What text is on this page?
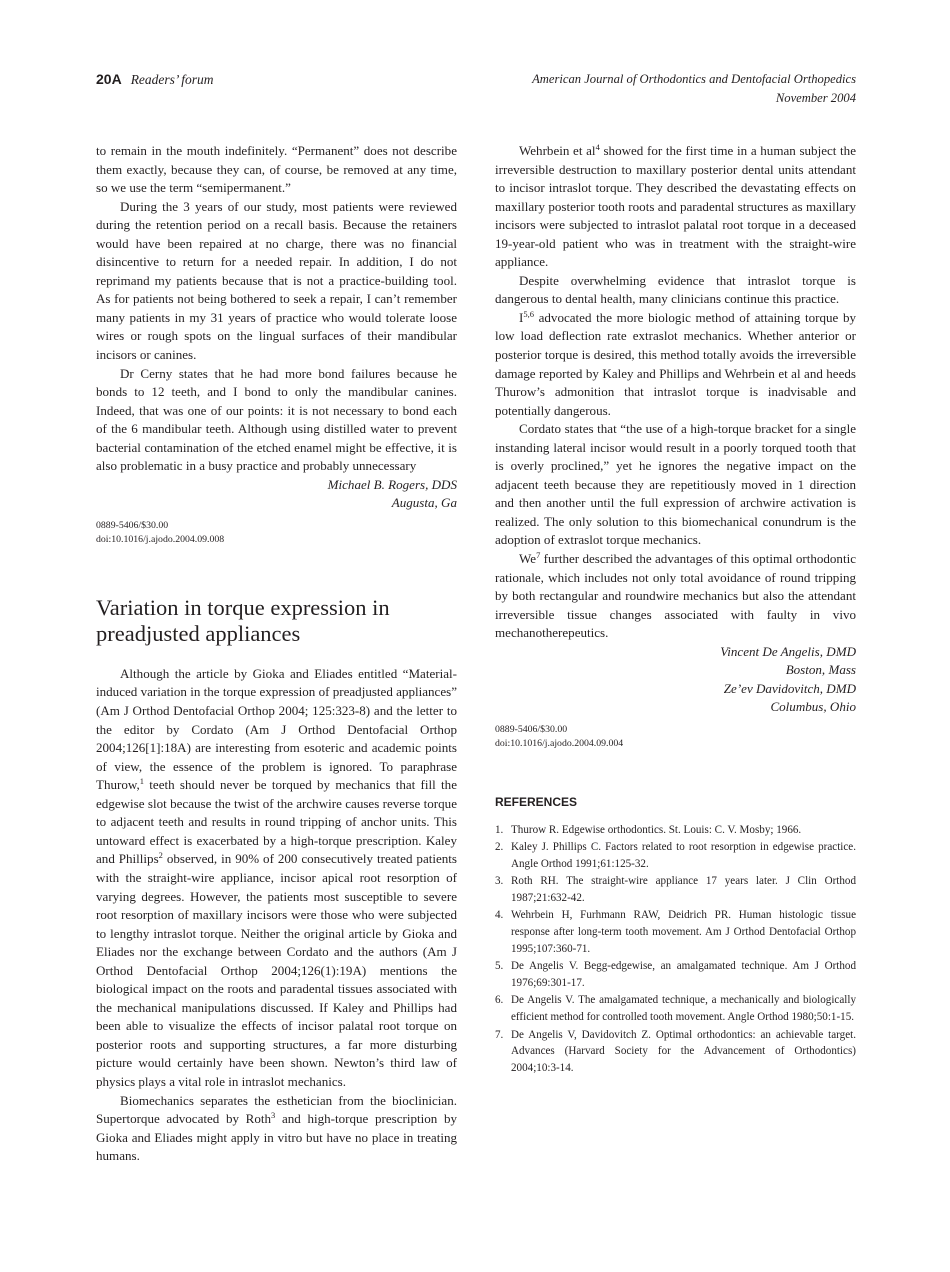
20A Readers’ forum	American Journal of Orthodontics and Dentofacial Orthopedics
November 2004

to remain in the mouth indefinitely. “Permanent” does not describe them exactly, because they can, of course, be removed at any time, so we use the term “semipermanent.”

During the 3 years of our study, most patients were reviewed during the retention period on a recall basis. Because the retainers would have been repaired at no charge, there was no financial disincentive to return for a needed repair. In addition, I do not reprimand my patients because that is not a practice-building tool. As for patients not being bothered to seek a repair, I can’t remember many patients in my 31 years of practice who would tolerate loose wires or rough spots on the lingual surfaces of their mandibular incisors or canines.

Dr Cerny states that he had more bond failures because he bonds to 12 teeth, and I bond to only the mandibular canines. Indeed, that was one of our points: it is not necessary to bond each of the 6 mandibular teeth. Although using distilled water to prevent bacterial contamination of the etched enamel might be effective, it is also problematic in a busy practice and probably unnecessary

Michael B. Rogers, DDS
Augusta, Ga
0889-5406/$30.00
doi:10.1016/j.ajodo.2004.09.008
Variation in torque expression in
preadjusted appliances

Although the article by Gioka and Eliades entitled “Material-induced variation in the torque expression of preadjusted appliances” (Am J Orthod Dentofacial Orthop 2004; 125:323-8) and the letter to the editor by Cordato (Am J Orthod Dentofacial Orthop 2004;126[1]:18A) are interesting from esoteric and academic points of view, the essence of the problem is ignored. To paraphrase Thurow,$^1$ teeth should never be torqued by mechanics that fill the edgewise slot because the twist of the archwire causes reverse torque to adjacent teeth and results in round tripping of anchor units. This untoward effect is exacerbated by a high-torque prescription. Kaley and Phillips$^2$ observed, in 90% of 200 consecutively treated patients with the straight-wire appliance, incisor apical root resorption of varying degrees. However, the patients most susceptible to severe root resorption of maxillary incisors were those who were subjected to lengthy intraslot torque. Neither the original article by Gioka and Eliades nor the exchange between Cordato and the authors (Am J Orthod Dentofacial Orthop 2004;126(1):19A) mentions the biological impact on the roots and paradental tissues associated with the mechanical manipulations discussed. If Kaley and Phillips had been able to visualize the effects of incisor palatal root torque on posterior roots and supporting structures, a far more disturbing picture would certainly have been shown. Newton’s third law of physics plays a vital role in intraslot mechanics.

Biomechanics separates the esthetician from the bioclinician. Supertorque advocated by Roth$^3$ and high-torque prescription by Gioka and Eliades might apply in vitro but have no place in treating humans.

Wehrbein et $al^4$ showed for the first time in a human subject the irreversible destruction to maxillary posterior dental units attendant to incisor intraslot torque. They described the devastating effects on maxillary posterior tooth roots and paradental structures as maxillary incisors were subjected to intraslot palatal root torque in a deceased 19-year-old patient who was in treatment with the straight-wire appliance.

Despite overwhelming evidence that intraslot torque is dangerous to dental health, many clinicians continue this practice.

I$^{5,6}$ advocated the more biologic method of attaining torque by low load deflection rate extraslot mechanics. Whether anterior or posterior torque is desired, this method totally avoids the irreversible damage reported by Kaley and Phillips and Wehrbein et al and heeds Thurow’s admonition that intraslot torque is inadvisable and potentially dangerous.

Cordato states that “the use of a high-torque bracket for a single instanding lateral incisor would result in a poorly torqued tooth that is overly proclined,” yet he ignores the negative impact on the adjacent teeth because they are repetitiously moved in 1 direction and then another until the full expression of archwire activation is realized. The only solution to this biomechanical conundrum is the adoption of extraslot torque mechanics.

We$^7$ further described the advantages of this optimal orthodontic rationale, which includes not only total avoidance of round tripping by both rectangular and roundwire mechanics but also the attendant irreversible tissue changes associated with faulty in vivo mechanotherepeutics.

Vincent De Angelis, DMD
Boston, Mass
Ze’ev Davidovitch, DMD
Columbus, Ohio
0889-5406/$30.00
doi:10.1016/j.ajodo.2004.09.004
REFERENCES
1. Thurow R. Edgewise orthodontics. St. Louis: C. V. Mosby; 1966.
2. Kaley J. Phillips C. Factors related to root resorption in edgewise practice. Angle Orthod 1991;61:125-32.
3. Roth RH. The straight-wire appliance 17 years later. J Clin Orthod 1987;21:632-42.
4. Wehrbein H, Furhmann RAW, Deidrich PR. Human histologic tissue response after long-term tooth movement. Am J Orthod Dentofacial Orthop 1995;107:360-71.
5. De Angelis V. Begg-edgewise, an amalgamated technique. Am J Orthod 1976;69:301-17.
6. De Angelis V. The amalgamated technique, a mechanically and biologically efficient method for controlled tooth movement. Angle Orthod 1980;50:1-15.
7. De Angelis V, Davidovitch Z. Optimal orthodontics: an achievable target. Advances (Harvard Society for the Advancement of Orthodontics) 2004;10:3-14.
